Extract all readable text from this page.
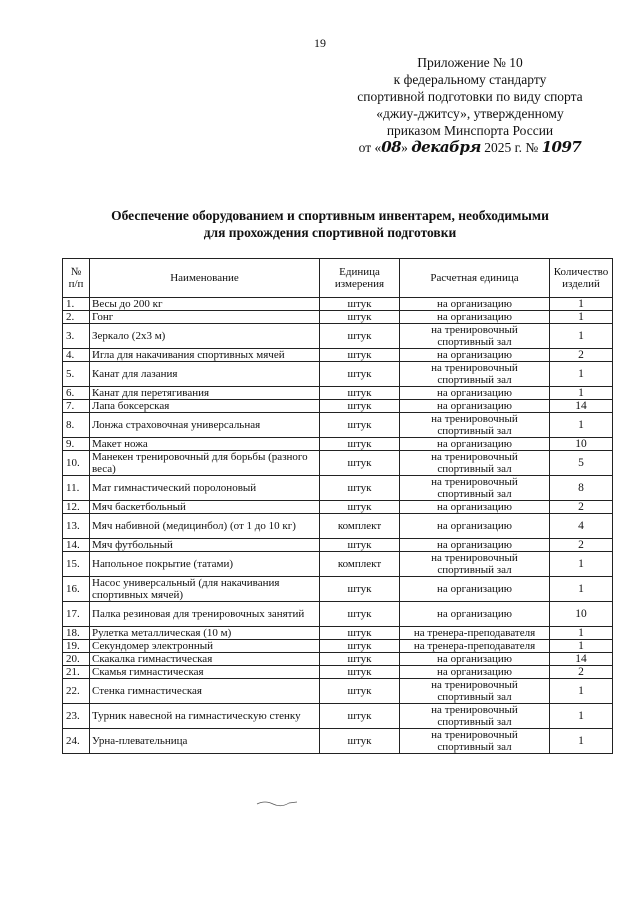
19
Приложение № 10
к федеральному стандарту
спортивной подготовки по виду спорта
«джиу-джитсу», утвержденному
приказом Минспорта России
от «08» декабря 2025 г. № 1097
Обеспечение оборудованием и спортивным инвентарем, необходимыми
для прохождения спортивной подготовки
№ п/п	Наименование	Единица измерения	Расчетная единица	Количество изделий
1.	Весы до 200 кг	штук	на организацию	1
2.	Гонг	штук	на организацию	1
3.	Зеркало (2х3 м)	штук	на тренировочный спортивный зал	1
4.	Игла для накачивания спортивных мячей	штук	на организацию	2
5.	Канат для лазания	штук	на тренировочный спортивный зал	1
6.	Канат для перетягивания	штук	на организацию	1
7.	Лапа боксерская	штук	на организацию	14
8.	Лонжа страховочная универсальная	штук	на тренировочный спортивный зал	1
9.	Макет ножа	штук	на организацию	10
10.	Манекен тренировочный для борьбы (разного веса)	штук	на тренировочный спортивный зал	5
11.	Мат гимнастический поролоновый	штук	на тренировочный спортивный зал	8
12.	Мяч баскетбольный	штук	на организацию	2
13.	Мяч набивной (медицинбол) (от 1 до 10 кг)	комплект	на организацию	4
14.	Мяч футбольный	штук	на организацию	2
15.	Напольное покрытие (татами)	комплект	на тренировочный спортивный зал	1
16.	Насос универсальный (для накачивания спортивных мячей)	штук	на организацию	1
17.	Палка резиновая для тренировочных занятий	штук	на организацию	10
18.	Рулетка металлическая (10 м)	штук	на тренера-преподавателя	1
19.	Секундомер электронный	штук	на тренера-преподавателя	1
20.	Скакалка гимнастическая	штук	на организацию	14
21.	Скамья гимнастическая	штук	на организацию	2
22.	Стенка гимнастическая	штук	на тренировочный спортивный зал	1
23.	Турник навесной на гимнастическую стенку	штук	на тренировочный спортивный зал	1
24.	Урна-плевательница	штук	на тренировочный спортивный зал	1
